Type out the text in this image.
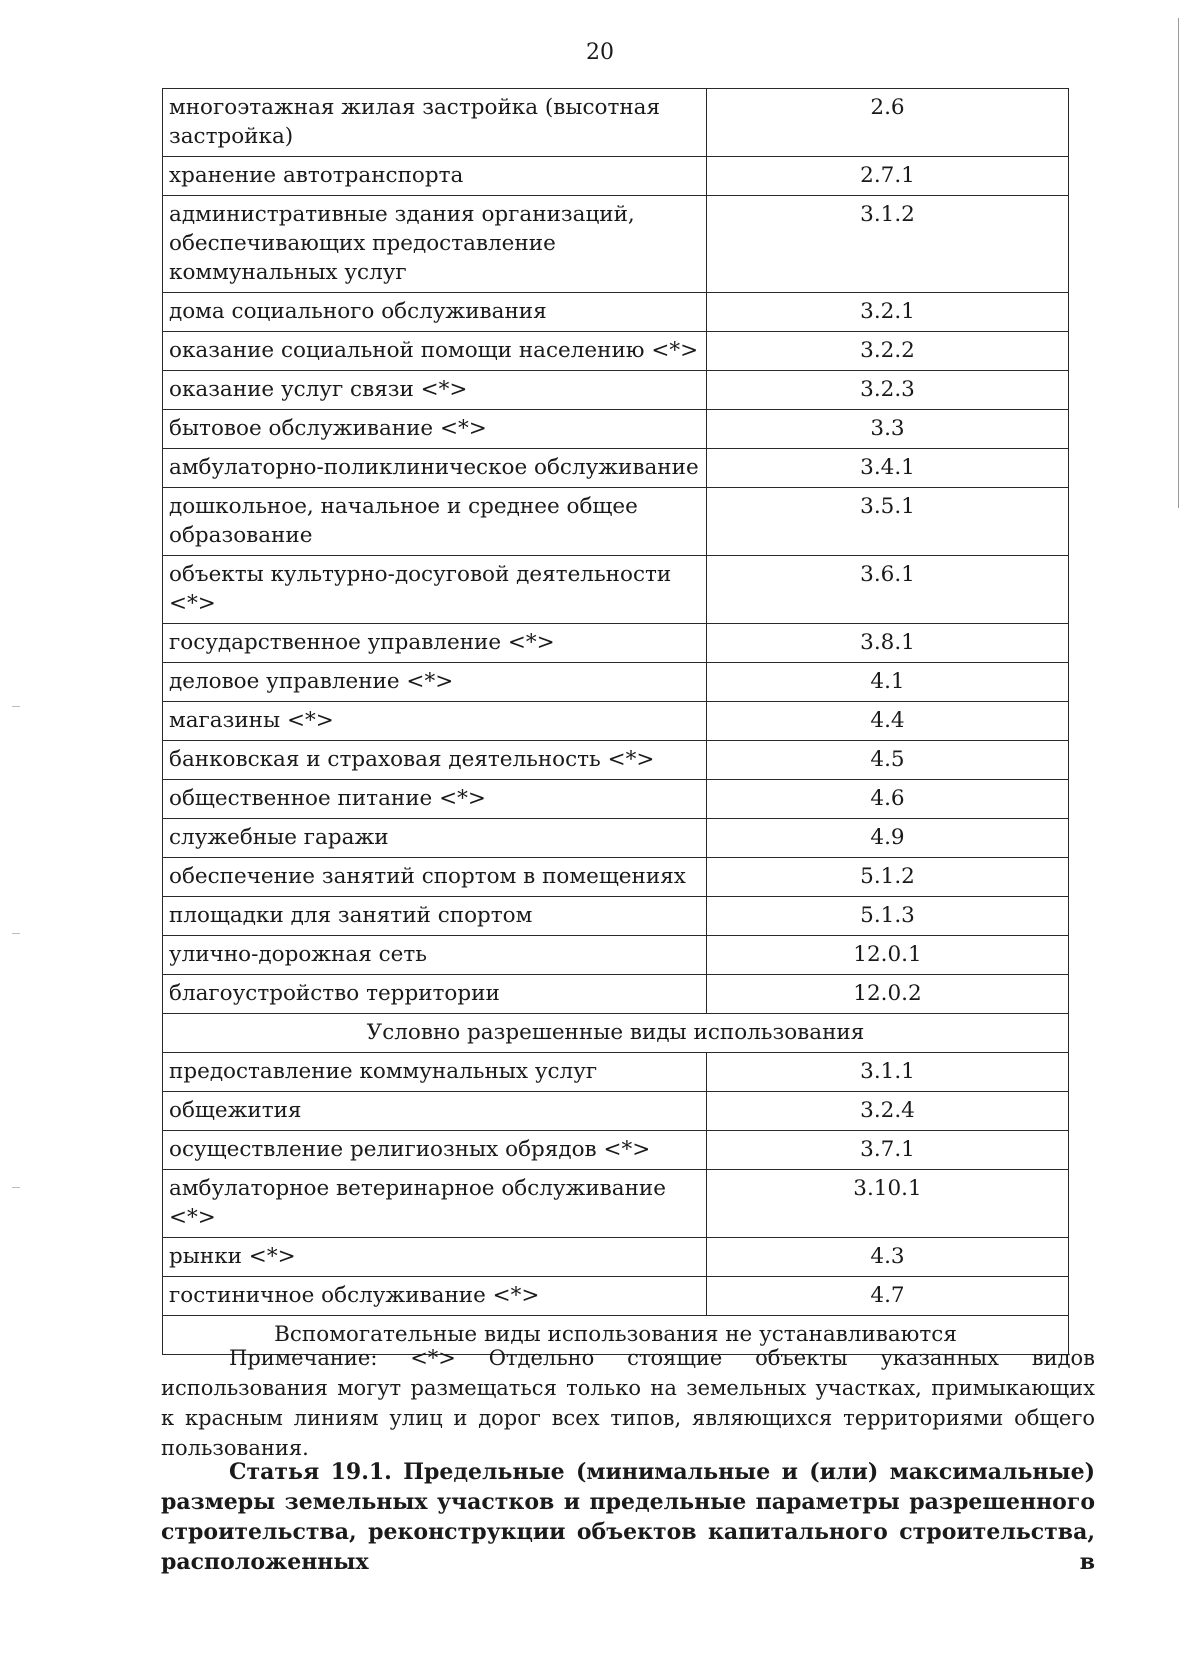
20
многоэтажная жилая застройка (высотная застройка)	2.6
хранение автотранспорта	2.7.1
административные здания организаций, обеспечивающих предоставление коммунальных услуг	3.1.2
дома социального обслуживания	3.2.1
оказание социальной помощи населению <*>	3.2.2
оказание услуг связи <*>	3.2.3
бытовое обслуживание <*>	3.3
амбулаторно-поликлиническое обслуживание	3.4.1
дошкольное, начальное и среднее общее образование	3.5.1
объекты культурно-досуговой деятельности <*>	3.6.1
государственное управление <*>	3.8.1
деловое управление <*>	4.1
магазины <*>	4.4
банковская и страховая деятельность <*>	4.5
общественное питание <*>	4.6
служебные гаражи	4.9
обеспечение занятий спортом в помещениях	5.1.2
площадки для занятий спортом	5.1.3
улично-дорожная сеть	12.0.1
благоустройство территории	12.0.2
Условно разрешенные виды использования	
предоставление коммунальных услуг	3.1.1
общежития	3.2.4
осуществление религиозных обрядов <*>	3.7.1
амбулаторное ветеринарное обслуживание <*>	3.10.1
рынки <*>	4.3
гостиничное обслуживание <*>	4.7
Вспомогательные виды использования не устанавливаются	
Примечание: <*> Отдельно стоящие объекты указанных видов использования могут размещаться только на земельных участках, примыкающих к красным линиям улиц и дорог всех типов, являющихся территориями общего пользования.
Статья 19.1. Предельные (минимальные и (или) максимальные) размеры земельных участков и предельные параметры разрешенного строительства, реконструкции объектов капитального строительства, расположенных в
